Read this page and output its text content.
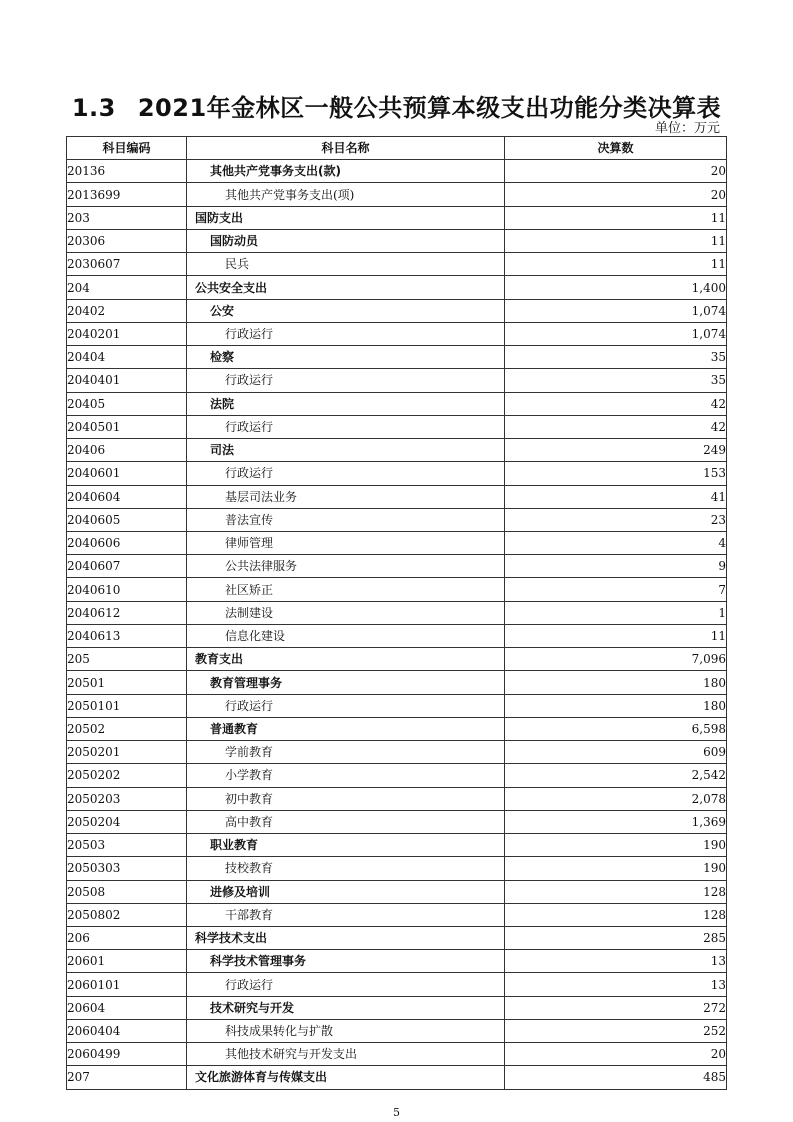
1.3 2021年金林区一般公共预算本级支出功能分类决算表
单位：万元
科目编码	科目名称	决算数
20136	其他共产党事务支出(款)	20
2013699	其他共产党事务支出(项)	20
203	国防支出	11
20306	国防动员	11
2030607	民兵	11
204	公共安全支出	1,400
20402	公安	1,074
2040201	行政运行	1,074
20404	检察	35
2040401	行政运行	35
20405	法院	42
2040501	行政运行	42
20406	司法	249
2040601	行政运行	153
2040604	基层司法业务	41
2040605	普法宣传	23
2040606	律师管理	4
2040607	公共法律服务	9
2040610	社区矫正	7
2040612	法制建设	1
2040613	信息化建设	11
205	教育支出	7,096
20501	教育管理事务	180
2050101	行政运行	180
20502	普通教育	6,598
2050201	学前教育	609
2050202	小学教育	2,542
2050203	初中教育	2,078
2050204	高中教育	1,369
20503	职业教育	190
2050303	技校教育	190
20508	进修及培训	128
2050802	干部教育	128
206	科学技术支出	285
20601	科学技术管理事务	13
2060101	行政运行	13
20604	技术研究与开发	272
2060404	科技成果转化与扩散	252
2060499	其他技术研究与开发支出	20
207	文化旅游体育与传媒支出	485
5
